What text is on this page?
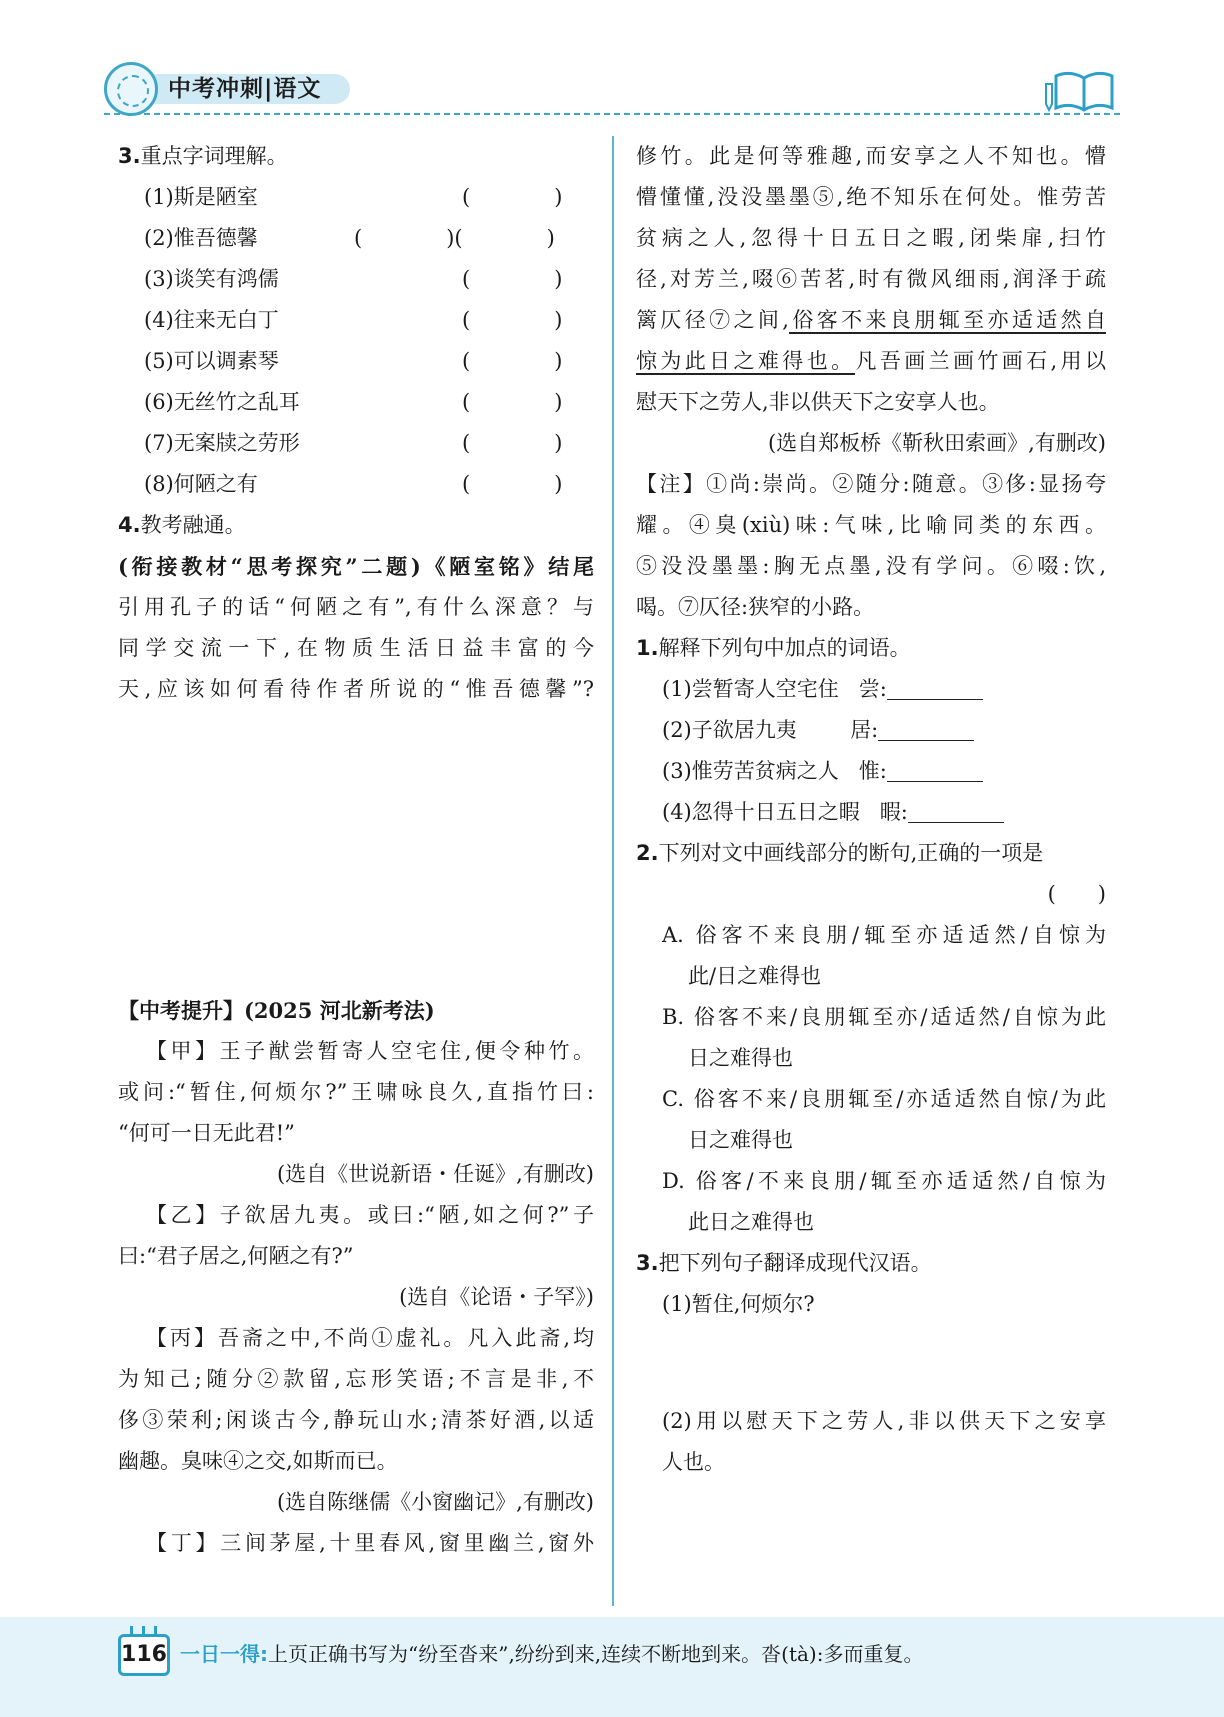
中考冲刺|语文
3.重点字词理解。
(1)斯是陋室	(　　　　)
(2)惟吾德馨	(　　　　)(　　　　)
(3)谈笑有鸿儒	(　　　　)
(4)往来无白丁	(　　　　)
(5)可以调素琴	(　　　　)
(6)无丝竹之乱耳	(　　　　)
(7)无案牍之劳形	(　　　　)
(8)何陋之有	(　　　　)
4.教考融通。
(衔接教材“思考探究”二题)《陋室铭》结尾
引用孔子的话“何陋之有”,有什么深意？与
同学交流一下,在物质生活日益丰富的今
天,应该如何看待作者所说的“惟吾德馨”?
【中考提升】(2025 河北新考法)
【甲】王子猷尝暂寄人空宅住,便令种竹。
或问:“暂住,何烦尔?”王啸咏良久,直指竹曰:
“何可一日无此君!”
(选自《世说新语・任诞》,有删改)
【乙】子欲居九夷。或曰:“陋,如之何?”子
曰:“君子居之,何陋之有?”
(选自《论语・子罕》)
【丙】吾斋之中,不尚①虚礼。凡入此斋,均
为知己;随分②款留,忘形笑语;不言是非,不
侈③荣利;闲谈古今,静玩山水;清茶好酒,以适
幽趣。臭味④之交,如斯而已。
(选自陈继儒《小窗幽记》,有删改)
【丁】三间茅屋,十里春风,窗里幽兰,窗外
修竹。此是何等雅趣,而安享之人不知也。懵
懵懂懂,没没墨墨⑤,绝不知乐在何处。惟劳苦
贫病之人,忽得十日五日之暇,闭柴扉,扫竹
径,对芳兰,啜⑥苦茗,时有微风细雨,润泽于疏
篱仄径⑦之间,俗客不来良朋辄至亦适适然自
惊为此日之难得也。凡吾画兰画竹画石,用以
慰天下之劳人,非以供天下之安享人也。
(选自郑板桥《靳秋田索画》,有删改)
【注】①尚:崇尚。②随分:随意。③侈:显扬夸
耀。④臭(xiù)味:气味,比喻同类的东西。
⑤没没墨墨:胸无点墨,没有学问。⑥啜:饮,
喝。⑦仄径:狭窄的小路。
1.解释下列句中加点的词语。
(1)尝暂寄人空宅住 尝:
(2)子欲居九夷	居:
(3)惟劳苦贫病之人 惟:
(4)忽得十日五日之暇 暇:
2.下列对文中画线部分的断句,正确的一项是
(　　)
A. 俗客不来良朋/辄至亦适适然/自惊为
此/日之难得也
B. 俗客不来/良朋辄至亦/适适然/自惊为此
日之难得也
C. 俗客不来/良朋辄至/亦适适然自惊/为此
日之难得也
D. 俗客/不来良朋/辄至亦适适然/自惊为
此日之难得也
3.把下列句子翻译成现代汉语。
(1)暂住,何烦尔?
(2)用以慰天下之劳人,非以供天下之安享
人也。
116 一日一得:上页正确书写为“纷至沓来”,纷纷到来,连续不断地到来。沓(tà):多而重复。
